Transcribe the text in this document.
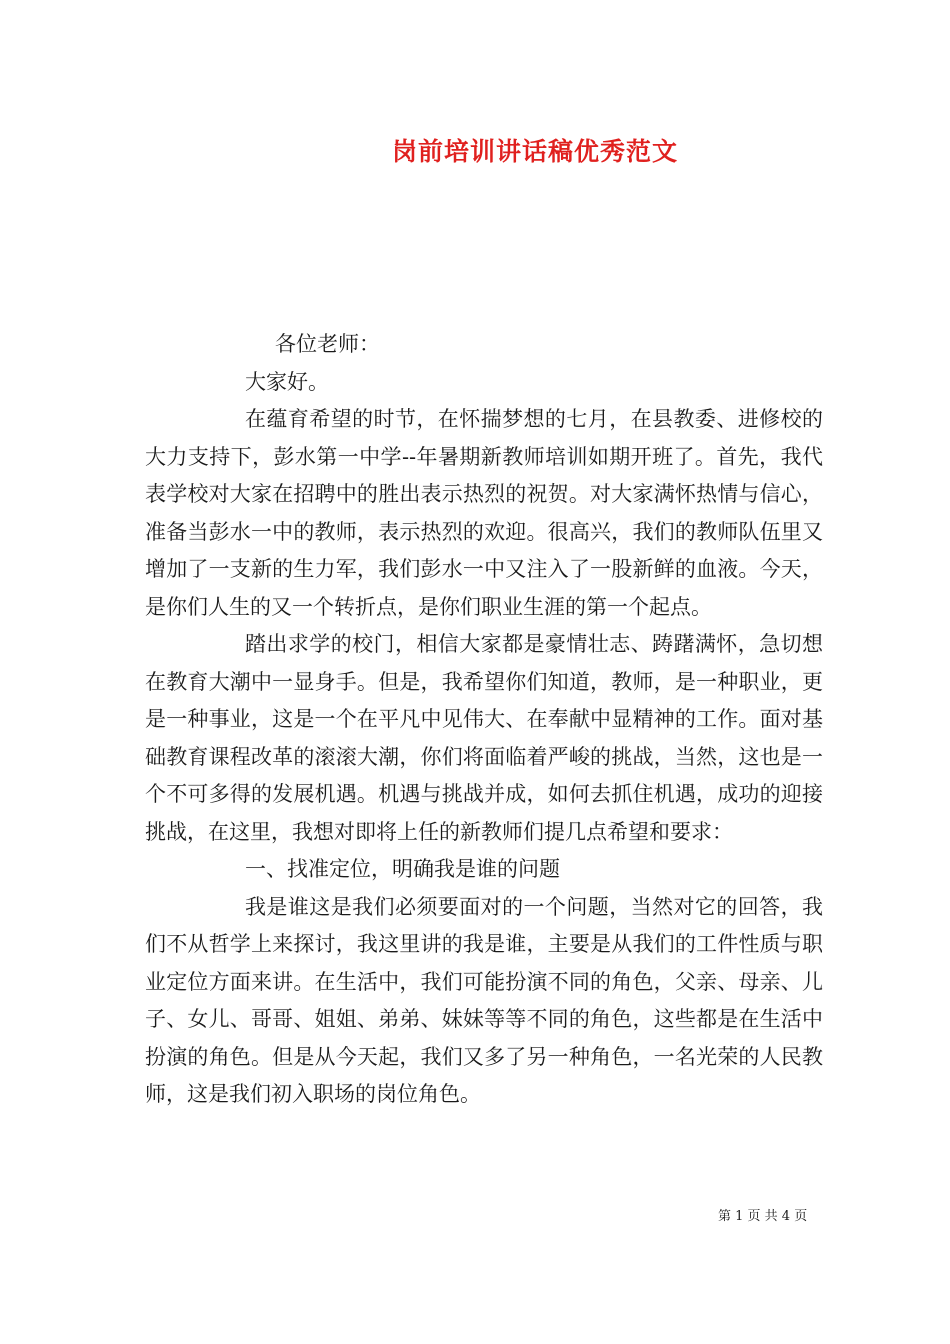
岗前培训讲话稿优秀范文

各位老师：

大家好。

在蕴育希望的时节，在怀揣梦想的七月，在县教委、进修校的大力支持下，彭水第一中学--年暑期新教师培训如期开班了。首先，我代表学校对大家在招聘中的胜出表示热烈的祝贺。对大家满怀热情与信心，准备当彭水一中的教师，表示热烈的欢迎。很高兴，我们的教师队伍里又增加了一支新的生力军，我们彭水一中又注入了一股新鲜的血液。今天，是你们人生的又一个转折点，是你们职业生涯的第一个起点。

踏出求学的校门，相信大家都是豪情壮志、踌躇满怀，急切想在教育大潮中一显身手。但是，我希望你们知道，教师，是一种职业，更是一种事业，这是一个在平凡中见伟大、在奉献中显精神的工作。面对基础教育课程改革的滚滚大潮，你们将面临着严峻的挑战，当然，这也是一个不可多得的发展机遇。机遇与挑战并成，如何去抓住机遇，成功的迎接挑战，在这里，我想对即将上任的新教师们提几点希望和要求：

一、找准定位，明确我是谁的问题

我是谁这是我们必须要面对的一个问题，当然对它的回答，我们不从哲学上来探讨，我这里讲的我是谁，主要是从我们的工件性质与职业定位方面来讲。在生活中，我们可能扮演不同的角色，父亲、母亲、儿子、女儿、哥哥、姐姐、弟弟、妹妹等等不同的角色，这些都是在生活中扮演的角色。但是从今天起，我们又多了另一种角色，一名光荣的人民教师，这是我们初入职场的岗位角色。

第 1 页 共 4 页
